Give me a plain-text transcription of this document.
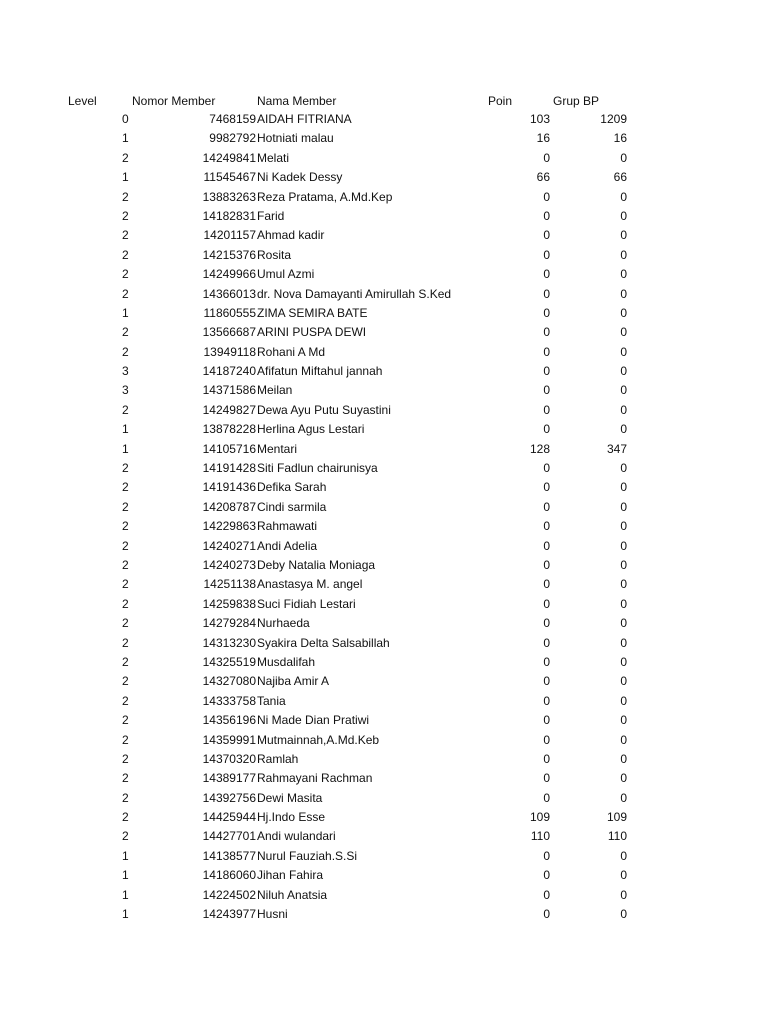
Level	Nomor Member	Nama Member	Poin	Grup BP
0	7468159 AIDAH FITRIANA	103	1209
1	9982792 Hotniati malau	16	16
2	14249841 Melati	0	0
1	11545467 Ni Kadek Dessy	66	66
2	13883263 Reza Pratama, A.Md.Kep	0	0
2	14182831 Farid	0	0
2	14201157 Ahmad kadir	0	0
2	14215376 Rosita	0	0
2	14249966 Umul Azmi	0	0
2	14366013 dr. Nova Damayanti Amirullah S.Ked	0	0
1	11860555 ZIMA SEMIRA BATE	0	0
2	13566687 ARINI PUSPA DEWI	0	0
2	13949118 Rohani A Md	0	0
3	14187240 Afifatun Miftahul jannah	0	0
3	14371586 Meilan	0	0
2	14249827 Dewa Ayu Putu Suyastini	0	0
1	13878228 Herlina Agus Lestari	0	0
1	14105716 Mentari	128	347
2	14191428 Siti Fadlun chairunisya	0	0
2	14191436 Defika Sarah	0	0
2	14208787 Cindi sarmila	0	0
2	14229863 Rahmawati	0	0
2	14240271 Andi Adelia	0	0
2	14240273 Deby Natalia Moniaga	0	0
2	14251138 Anastasya M. angel	0	0
2	14259838 Suci Fidiah Lestari	0	0
2	14279284 Nurhaeda	0	0
2	14313230 Syakira Delta Salsabillah	0	0
2	14325519 Musdalifah	0	0
2	14327080 Najiba Amir A	0	0
2	14333758 Tania	0	0
2	14356196 Ni Made Dian Pratiwi	0	0
2	14359991 Mutmainnah,A.Md.Keb	0	0
2	14370320 Ramlah	0	0
2	14389177 Rahmayani Rachman	0	0
2	14392756 Dewi Masita	0	0
2	14425944 Hj.Indo Esse	109	109
2	14427701 Andi wulandari	110	110
1	14138577 Nurul Fauziah.S.Si	0	0
1	14186060 Jihan Fahira	0	0
1	14224502 Niluh Anatsia	0	0
1	14243977 Husni	0	0
